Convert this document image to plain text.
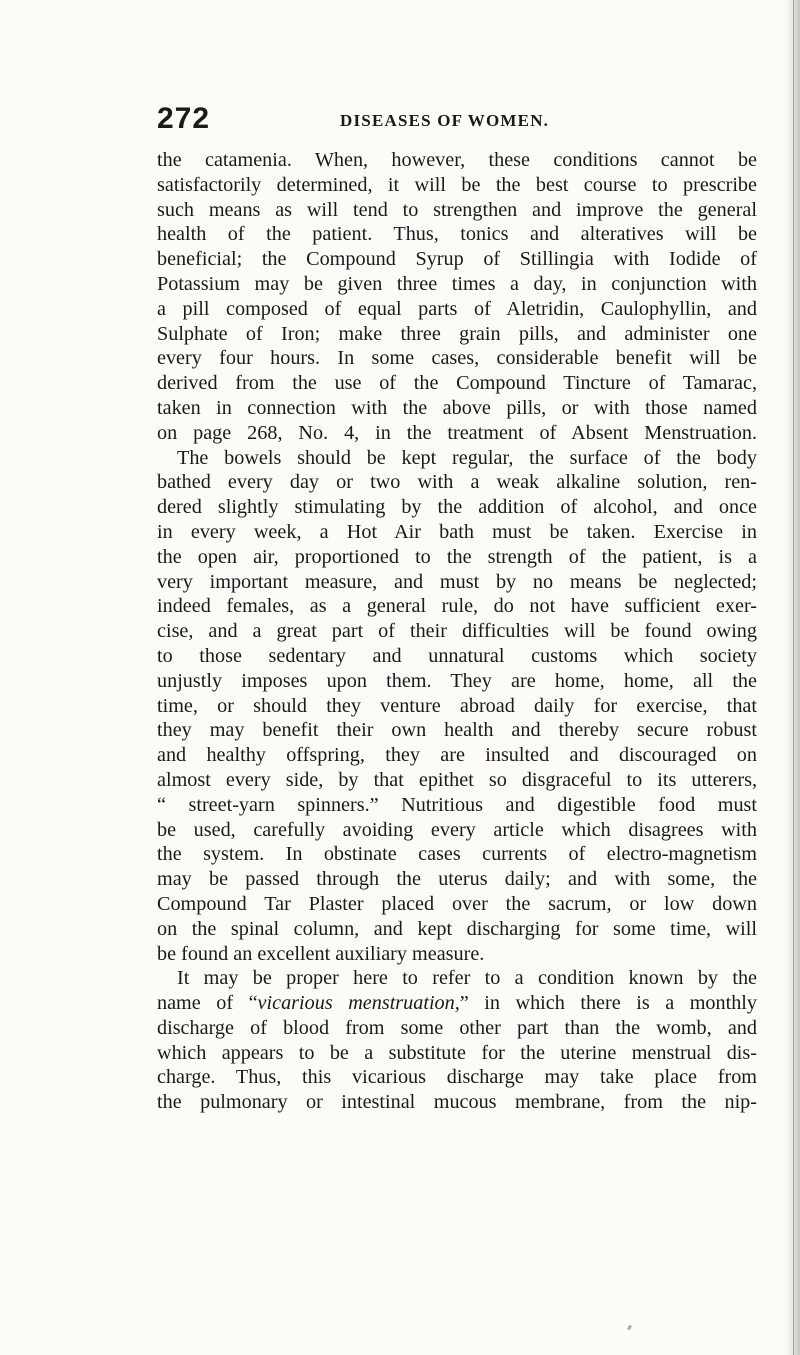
272	DISEASES OF WOMEN.
the catamenia. When, however, these conditions cannot be
satisfactorily determined, it will be the best course to prescribe
such means as will tend to strengthen and improve the general
health of the patient. Thus, tonics and alteratives will be
beneficial; the Compound Syrup of Stillingia with Iodide of
Potassium may be given three times a day, in conjunction with
a pill composed of equal parts of Aletridin, Caulophyllin, and
Sulphate of Iron; make three grain pills, and administer one
every four hours. In some cases, considerable benefit will be
derived from the use of the Compound Tincture of Tamarac,
taken in connection with the above pills, or with those named
on page 268, No. 4, in the treatment of Absent Menstruation.
The bowels should be kept regular, the surface of the body
bathed every day or two with a weak alkaline solution, ren-
dered slightly stimulating by the addition of alcohol, and once
in every week, a Hot Air bath must be taken. Exercise in
the open air, proportioned to the strength of the patient, is a
very important measure, and must by no means be neglected;
indeed females, as a general rule, do not have sufficient exer-
cise, and a great part of their difficulties will be found owing
to those sedentary and unnatural customs which society
unjustly imposes upon them. They are home, home, all the
time, or should they venture abroad daily for exercise, that
they may benefit their own health and thereby secure robust
and healthy offspring, they are insulted and discouraged on
almost every side, by that epithet so disgraceful to its utterers,
“ street-yarn spinners.” Nutritious and digestible food must
be used, carefully avoiding every article which disagrees with
the system. In obstinate cases currents of electro-magnetism
may be passed through the uterus daily; and with some, the
Compound Tar Plaster placed over the sacrum, or low down
on the spinal column, and kept discharging for some time, will
be found an excellent auxiliary measure.
It may be proper here to refer to a condition known by the
name of “vicarious menstruation,” in which there is a monthly
discharge of blood from some other part than the womb, and
which appears to be a substitute for the uterine menstrual dis-
charge. Thus, this vicarious discharge may take place from
the pulmonary or intestinal mucous membrane, from the nip-
